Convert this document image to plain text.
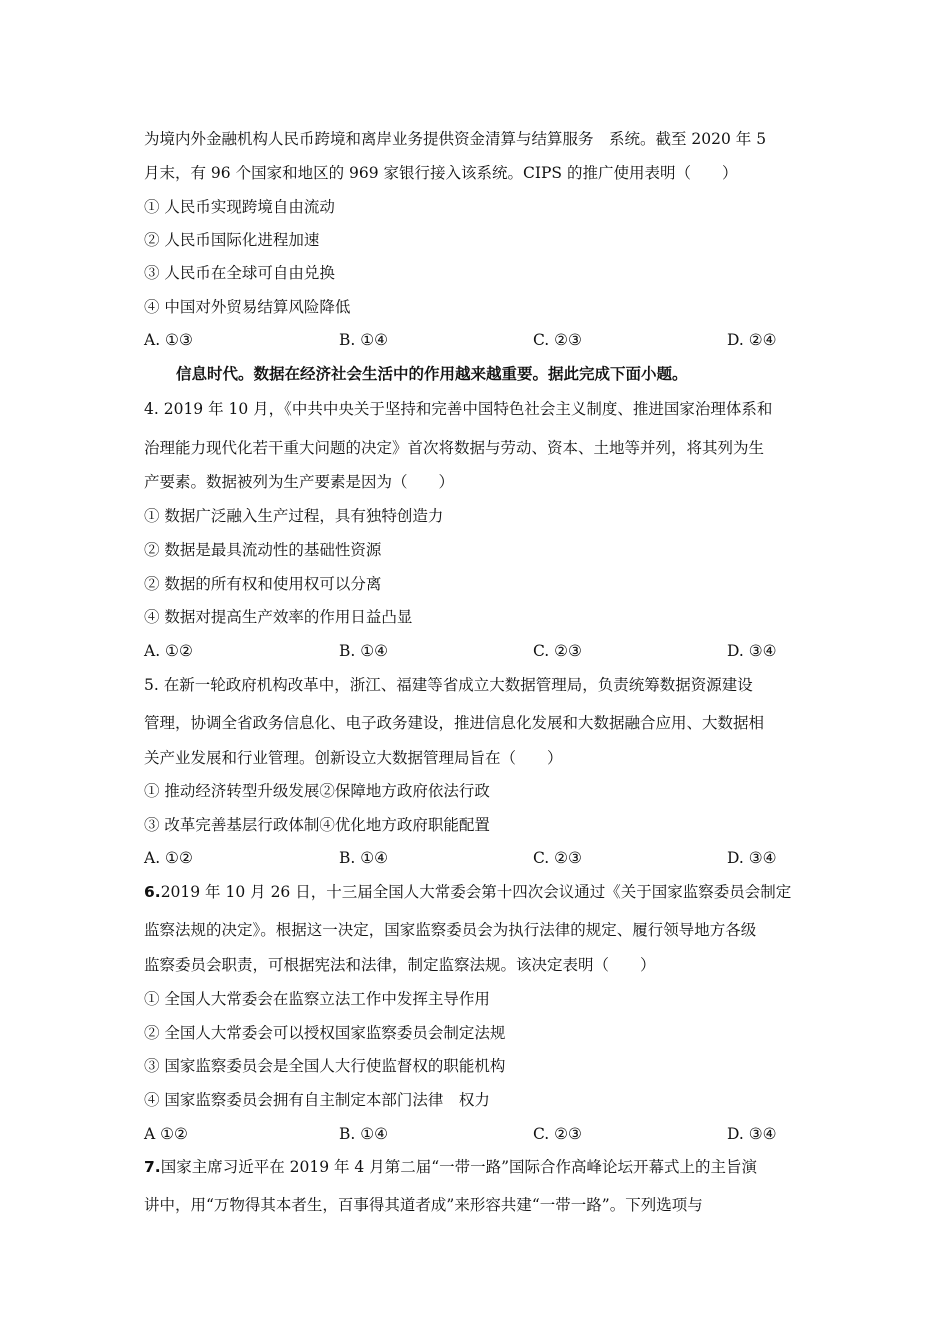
为境内外金融机构人民币跨境和离岸业务提供资金清算与结算服务　系统。截至 2020 年 5
月末，有 96 个国家和地区的 969 家银行接入该系统。CIPS 的推广使用表明（　　）
① 人民币实现跨境自由流动
② 人民币国际化进程加速
③ 人民币在全球可自由兑换
④ 中国对外贸易结算风险降低
A. ①③	B. ①④	C. ②③	D. ②④
信息时代。数据在经济社会生活中的作用越来越重要。据此完成下面小题。
4. 2019 年 10 月，《中共中央关于坚持和完善中国特色社会主义制度、推进国家治理体系和
治理能力现代化若干重大问题的决定》首次将数据与劳动、资本、土地等并列，将其列为生
产要素。数据被列为生产要素是因为（　　）
① 数据广泛融入生产过程，具有独特创造力
② 数据是最具流动性的基础性资源
② 数据的所有权和使用权可以分离
④ 数据对提高生产效率的作用日益凸显
A. ①②	B. ①④	C. ②③	D. ③④
5. 在新一轮政府机构改革中，浙江、福建等省成立大数据管理局，负责统筹数据资源建设
管理，协调全省政务信息化、电子政务建设，推进信息化发展和大数据融合应用、大数据相
关产业发展和行业管理。创新设立大数据管理局旨在（　　）
① 推动经济转型升级发展②保障地方政府依法行政
③ 改革完善基层行政体制④优化地方政府职能配置
A. ①②	B. ①④	C. ②③	D. ③④
6.2019 年 10 月 26 日，十三届全国人大常委会第十四次会议通过《关于国家监察委员会制定
监察法规的决定》。根据这一决定，国家监察委员会为执行法律的规定、履行领导地方各级
监察委员会职责，可根据宪法和法律，制定监察法规。该决定表明（　　）
① 全国人大常委会在监察立法工作中发挥主导作用
② 全国人大常委会可以授权国家监察委员会制定法规
③ 国家监察委员会是全国人大行使监督权的职能机构
④ 国家监察委员会拥有自主制定本部门法律　权力
A ①②	B. ①④	C. ②③	D. ③④
7.国家主席习近平在 2019 年 4 月第二届“一带一路”国际合作高峰论坛开幕式上的主旨演
讲中，用“万物得其本者生，百事得其道者成”来形容共建“一带一路”。下列选项与
